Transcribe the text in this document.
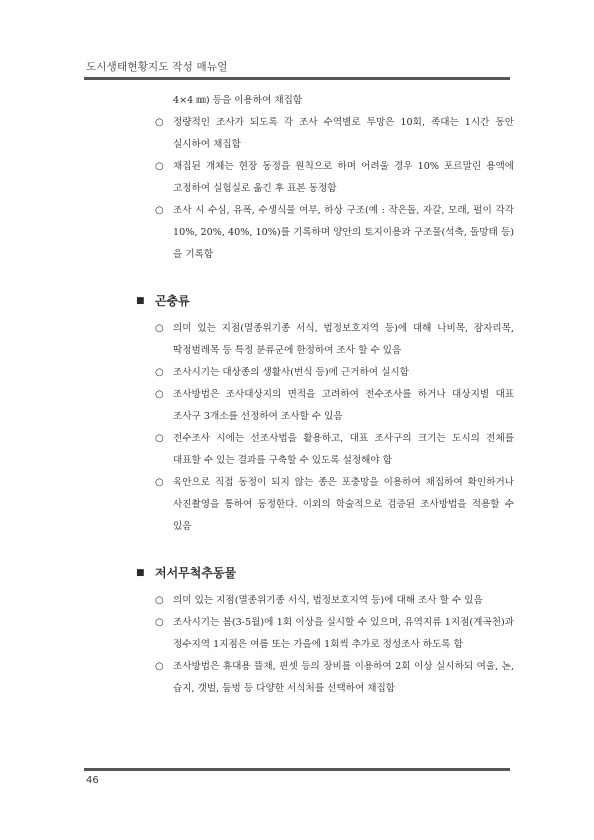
도시생태현황지도 작성 매뉴얼
4×4 ㎜) 등을 이용하여 채집함
○ 정량적인 조사가 되도록 각 조사 수역별로 투망은 10회, 족대는 1시간 동안 실시하여 채집함
○ 채집된 개체는 현장 동정을 원칙으로 하며 어려울 경우 10% 포르말린 용액에 고정하여 실험실로 옮긴 후 표본 동정함
○ 조사 시 수심, 유폭, 수생식물 여부, 하상 구조(예 : 작은돌, 자갈, 모래, 펄이 각각 10%, 20%, 40%, 10%)를 기록하며 양안의 토지이용과 구조물(석축, 돌망태 등)을 기록함
■ 곤충류
○ 의미 있는 지점(멸종위기종 서식, 법정보호지역 등)에 대해 나비목, 잠자리목, 딱정벌레목 등 특정 분류군에 한정하여 조사 할 수 있음
○ 조사시기는 대상종의 생활사(번식 등)에 근거하여 실시함
○ 조사방법은 조사대상지의 면적을 고려하여 전수조사를 하거나 대상지별 대표 조사구 3개소를 선정하여 조사할 수 있음
○ 전수조사 시에는 선조사법을 활용하고, 대표 조사구의 크기는 도시의 전체를 대표할 수 있는 결과를 구축할 수 있도록 설정해야 함
○ 육안으로 직접 동정이 되지 않는 종은 포충망을 이용하여 채집하여 확인하거나 사진촬영을 통하여 동정한다. 이외의 학술적으로 검증된 조사방법을 적용할 수 있음
■ 저서무척추동물
○ 의미 있는 지점(멸종위기종 서식, 법정보호지역 등)에 대해 조사 할 수 있음
○ 조사시기는 봄(3-5월)에 1회 이상을 실시할 수 있으며, 유역지류 1지점(계곡천)과 정수지역 1지점은 여름 또는 가을에 1회씩 추가로 정성조사 하도록 함
○ 조사방법은 휴대용 뜰채, 핀셋 등의 장비를 이용하여 2회 이상 실시하되 여울, 논, 습지, 갯벌, 둠벙 등 다양한 서식처를 선택하여 채집함
46
